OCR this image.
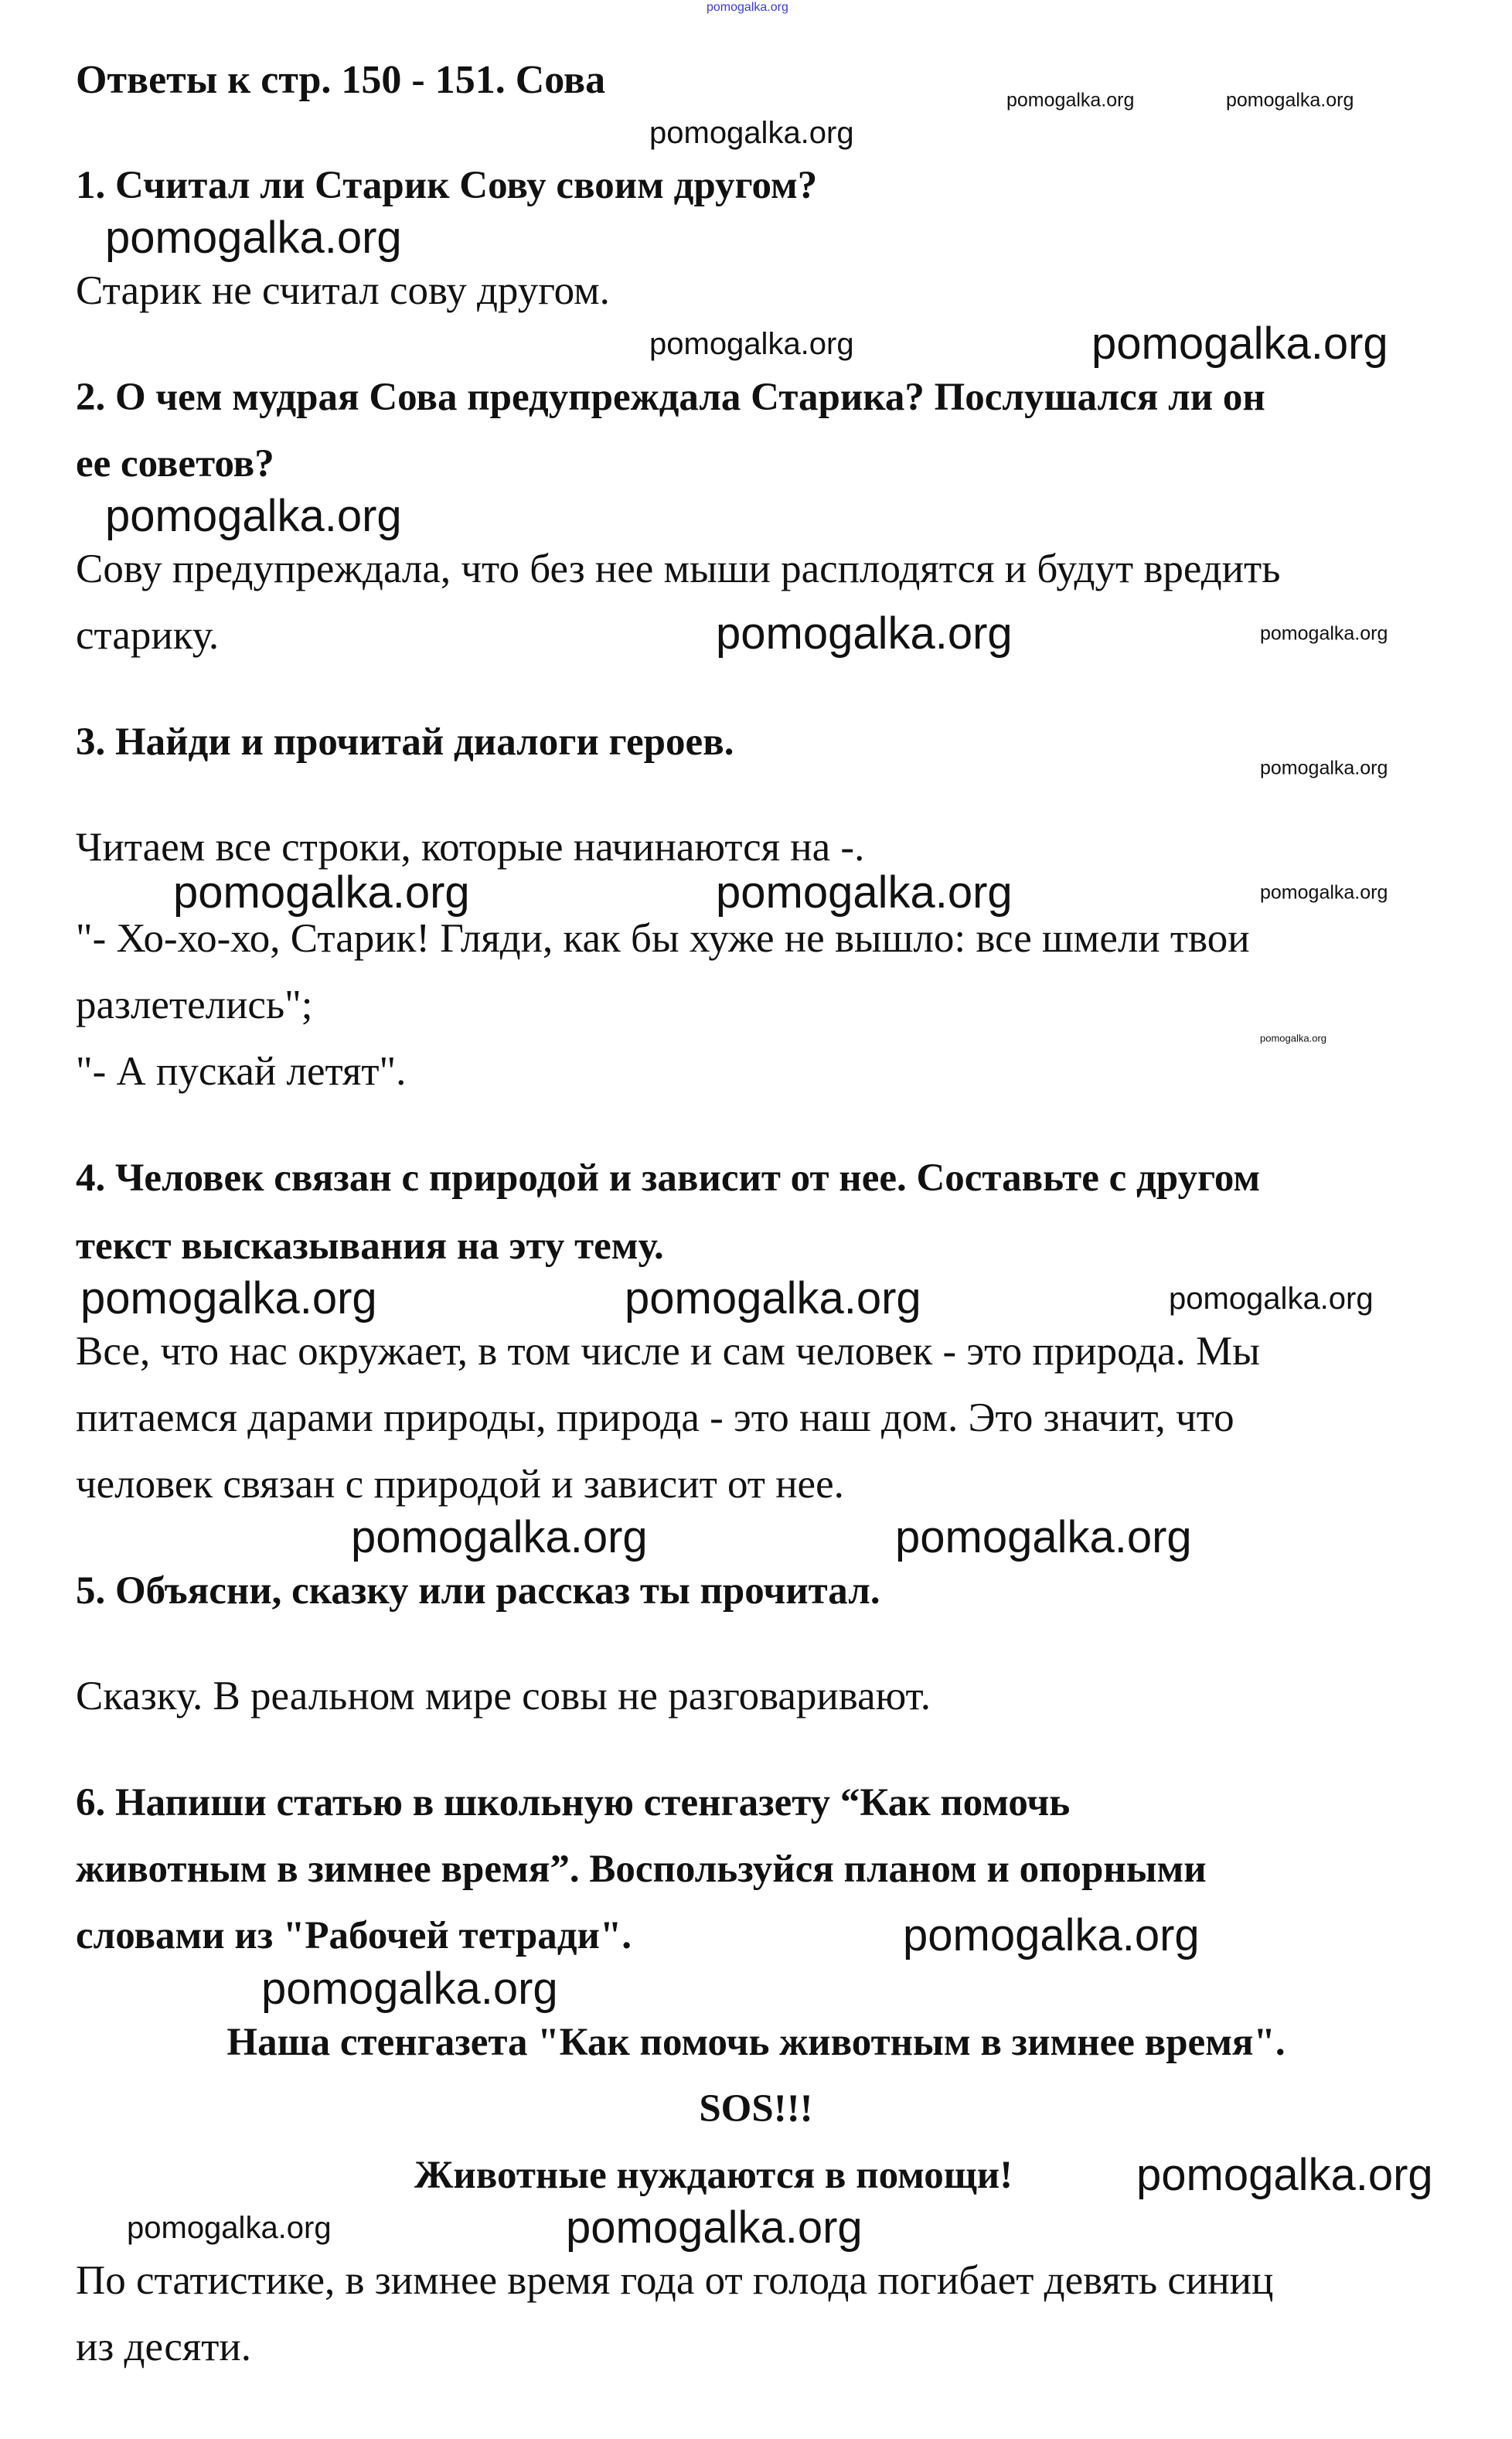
Ответы к стр. 150 - 151. Сова
1. Считал ли Старик Сову своим другом?
Старик не считал сову другом.
2. О чем мудрая Сова предупреждала Старика? Послушался ли он
ее советов?
Сову предупреждала, что без нее мыши расплодятся и будут вредить
старику.
3. Найди и прочитай диалоги героев.
Читаем все строки, которые начинаются на -.
"- Хо-хо-хо, Старик! Гляди, как бы хуже не вышло: все шмели твои
разлетелись";
"- А пускай летят".
4. Человек связан с природой и зависит от нее. Составьте с другом
текст высказывания на эту тему.
Все, что нас окружает, в том числе и сам человек - это природа. Мы
питаемся дарами природы, природа - это наш дом. Это значит, что
человек связан с природой и зависит от нее.
5. Объясни, сказку или рассказ ты прочитал.
Сказку. В реальном мире совы не разговаривают.
6. Напиши статью в школьную стенгазету “Как помочь
животным в зимнее время”. Воспользуйся планом и опорными
словами из "Рабочей тетради".
Наша стенгазета "Как помочь животным в зимнее время".
SOS!!!
Животные нуждаются в помощи!
По статистике, в зимнее время года от голода погибает девять синиц
из десяти.
pomogalka.org
pomogalka.org	pomogalka.org
pomogalka.org
pomogalka.org
pomogalka.org	pomogalka.org
pomogalka.org
pomogalka.org	pomogalka.org
pomogalka.org
pomogalka.org	pomogalka.org	pomogalka.org
pomogalka.org
pomogalka.org	pomogalka.org	pomogalka.org
pomogalka.org	pomogalka.org
pomogalka.org
pomogalka.org
pomogalka.org
pomogalka.org	pomogalka.org
